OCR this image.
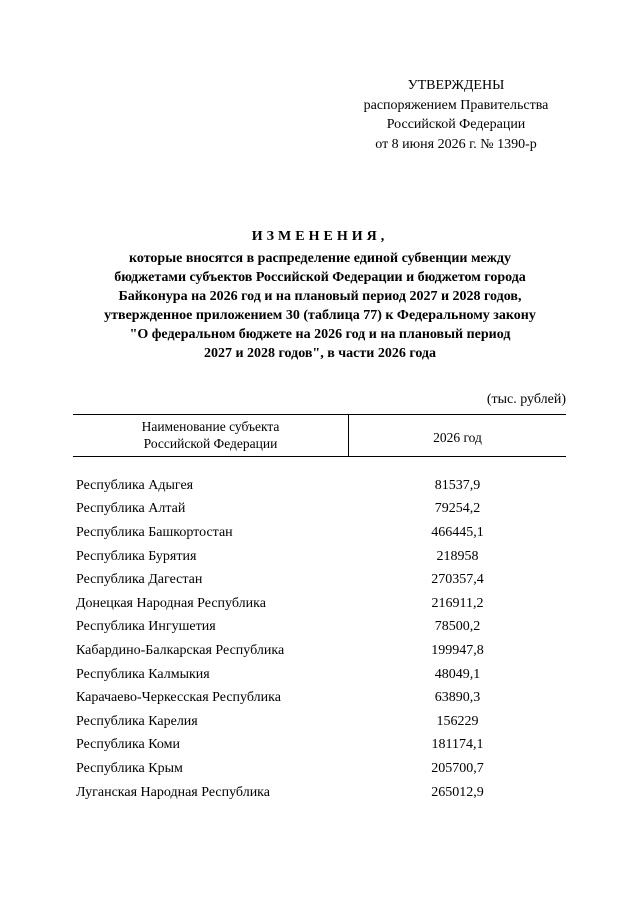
УТВЕРЖДЕНЫ
распоряжением Правительства
Российской Федерации
от 8 июня 2026 г. № 1390-р
ИЗМЕНЕНИЯ,
которые вносятся в распределение единой субвенции между
бюджетами субъектов Российской Федерации и бюджетом города
Байконура на 2026 год и на плановый период 2027 и 2028 годов,
утвержденное приложением 30 (таблица 77) к Федеральному закону
"О федеральном бюджете на 2026 год и на плановый период
2027 и 2028 годов", в части 2026 года
(тыс. рублей)
Наименование субъекта
Российской Федерации	2026 год
Республика Адыгея	81537,9
Республика Алтай	79254,2
Республика Башкортостан	466445,1
Республика Бурятия	218958
Республика Дагестан	270357,4
Донецкая Народная Республика	216911,2
Республика Ингушетия	78500,2
Кабардино-Балкарская Республика	199947,8
Республика Калмыкия	48049,1
Карачаево-Черкесская Республика	63890,3
Республика Карелия	156229
Республика Коми	181174,1
Республика Крым	205700,7
Луганская Народная Республика	265012,9
